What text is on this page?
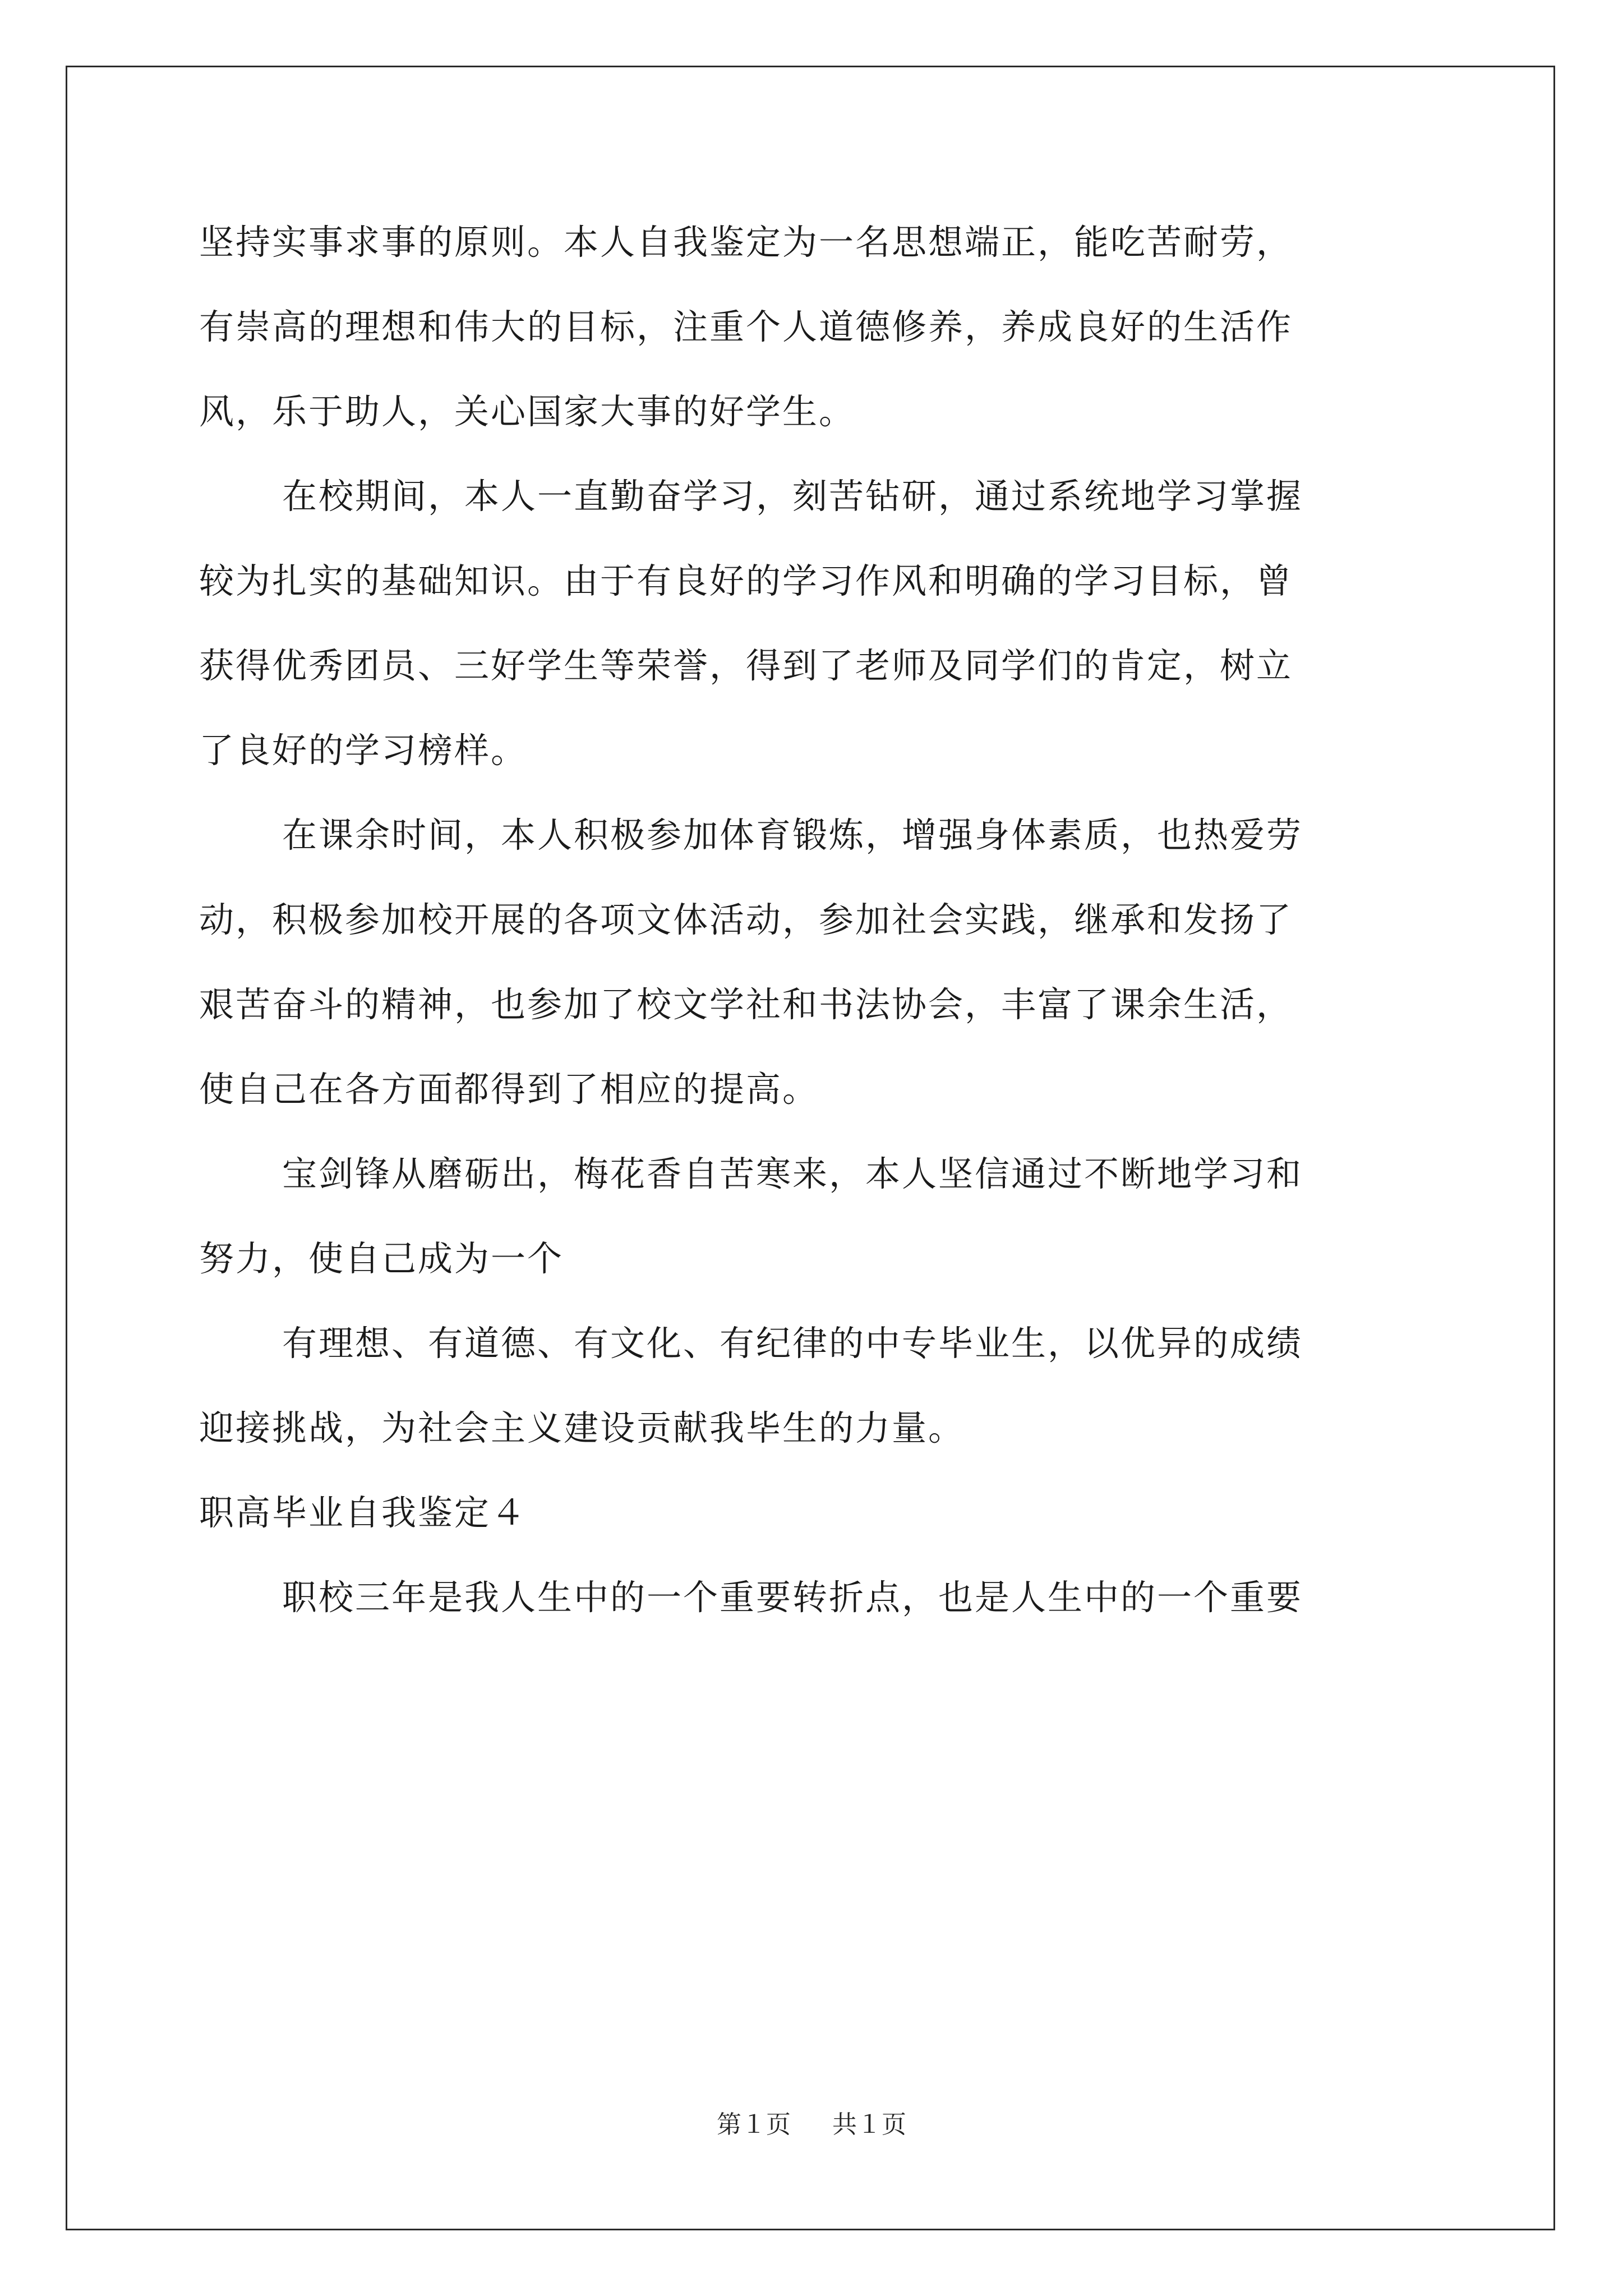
坚持实事求事的原则。本人自我鉴定为一名思想端正，能吃苦耐劳，
有崇高的理想和伟大的目标，注重个人道德修养，养成良好的生活作
风，乐于助人，关心国家大事的好学生。
在校期间，本人一直勤奋学习，刻苦钻研，通过系统地学习掌握
较为扎实的基础知识。由于有良好的学习作风和明确的学习目标，曾
获得优秀团员、三好学生等荣誉，得到了老师及同学们的肯定，树立
了良好的学习榜样。
在课余时间，本人积极参加体育锻炼，增强身体素质，也热爱劳
动，积极参加校开展的各项文体活动，参加社会实践，继承和发扬了
艰苦奋斗的精神，也参加了校文学社和书法协会，丰富了课余生活，
使自己在各方面都得到了相应的提高。
宝剑锋从磨砺出，梅花香自苦寒来，本人坚信通过不断地学习和
努力，使自己成为一个
有理想、有道德、有文化、有纪律的中专毕业生，以优异的成绩
迎接挑战，为社会主义建设贡献我毕生的力量。
职高毕业自我鉴定４
职校三年是我人生中的一个重要转折点，也是人生中的一个重要
第１页 共１页
